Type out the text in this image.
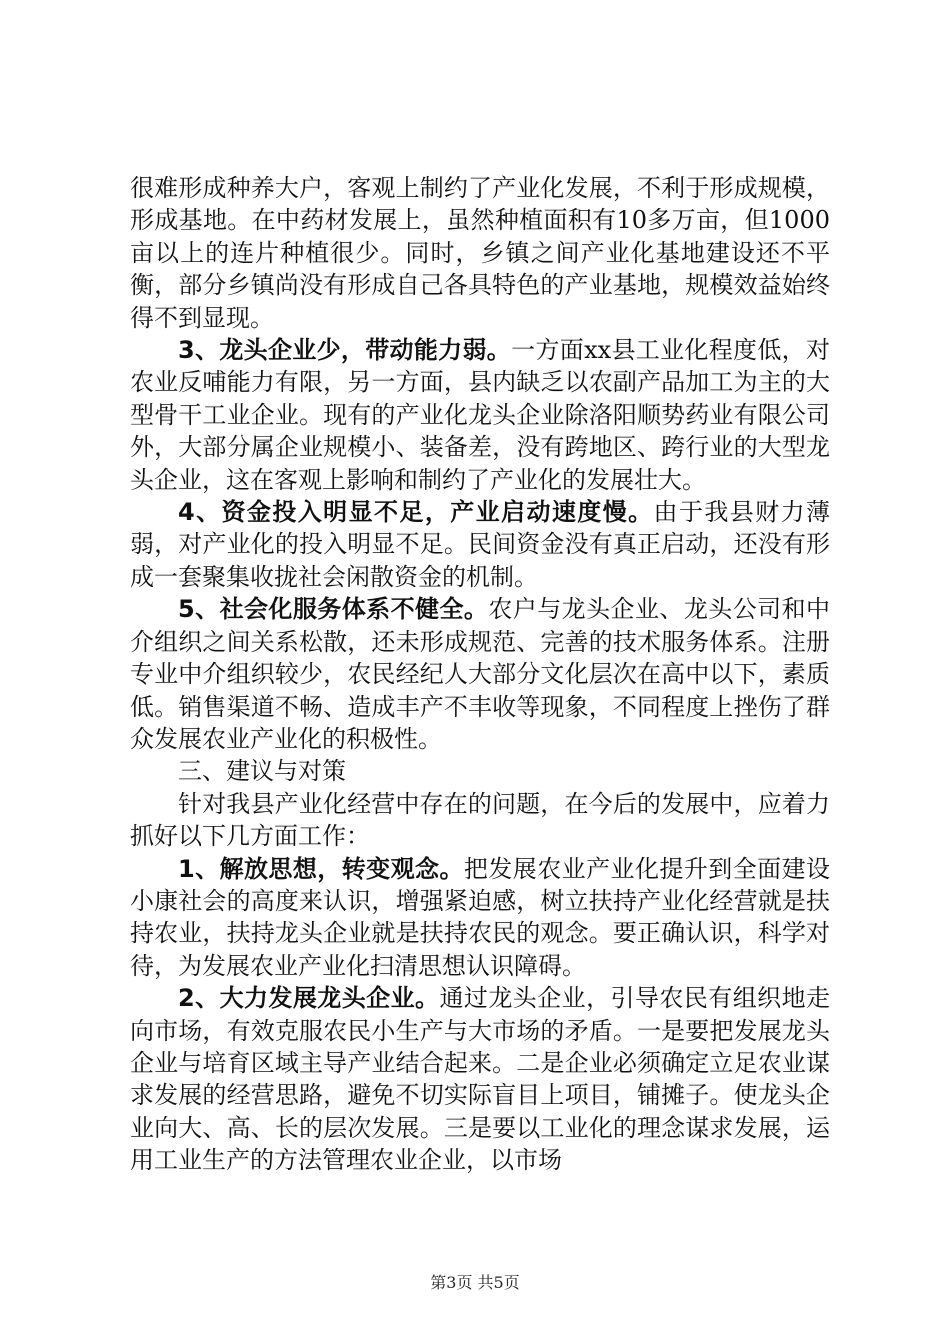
很难形成种养大户，客观上制约了产业化发展，不利于形成规模，形成基地。在中药材发展上，虽然种植面积有10多万亩，但1000亩以上的连片种植很少。同时，乡镇之间产业化基地建设还不平衡，部分乡镇尚没有形成自己各具特色的产业基地，规模效益始终得不到显现。

3、龙头企业少，带动能力弱。一方面xx县工业化程度低，对农业反哺能力有限，另一方面，县内缺乏以农副产品加工为主的大型骨干工业企业。现有的产业化龙头企业除洛阳顺势药业有限公司外，大部分属企业规模小、装备差，没有跨地区、跨行业的大型龙头企业，这在客观上影响和制约了产业化的发展壮大。

4、资金投入明显不足，产业启动速度慢。由于我县财力薄弱，对产业化的投入明显不足。民间资金没有真正启动，还没有形成一套聚集收拢社会闲散资金的机制。

5、社会化服务体系不健全。农户与龙头企业、龙头公司和中介组织之间关系松散，还未形成规范、完善的技术服务体系。注册专业中介组织较少，农民经纪人大部分文化层次在高中以下，素质低。销售渠道不畅、造成丰产不丰收等现象，不同程度上挫伤了群众发展农业产业化的积极性。

三、建议与对策

针对我县产业化经营中存在的问题，在今后的发展中，应着力抓好以下几方面工作：

1、解放思想，转变观念。把发展农业产业化提升到全面建设小康社会的高度来认识，增强紧迫感，树立扶持产业化经营就是扶持农业，扶持龙头企业就是扶持农民的观念。要正确认识，科学对待，为发展农业产业化扫清思想认识障碍。

2、大力发展龙头企业。通过龙头企业，引导农民有组织地走向市场，有效克服农民小生产与大市场的矛盾。一是要把发展龙头企业与培育区域主导产业结合起来。二是企业必须确定立足农业谋求发展的经营思路，避免不切实际盲目上项目，铺摊子。使龙头企业向大、高、长的层次发展。三是要以工业化的理念谋求发展，运用工业生产的方法管理农业企业，以市场

第3页 共5页
